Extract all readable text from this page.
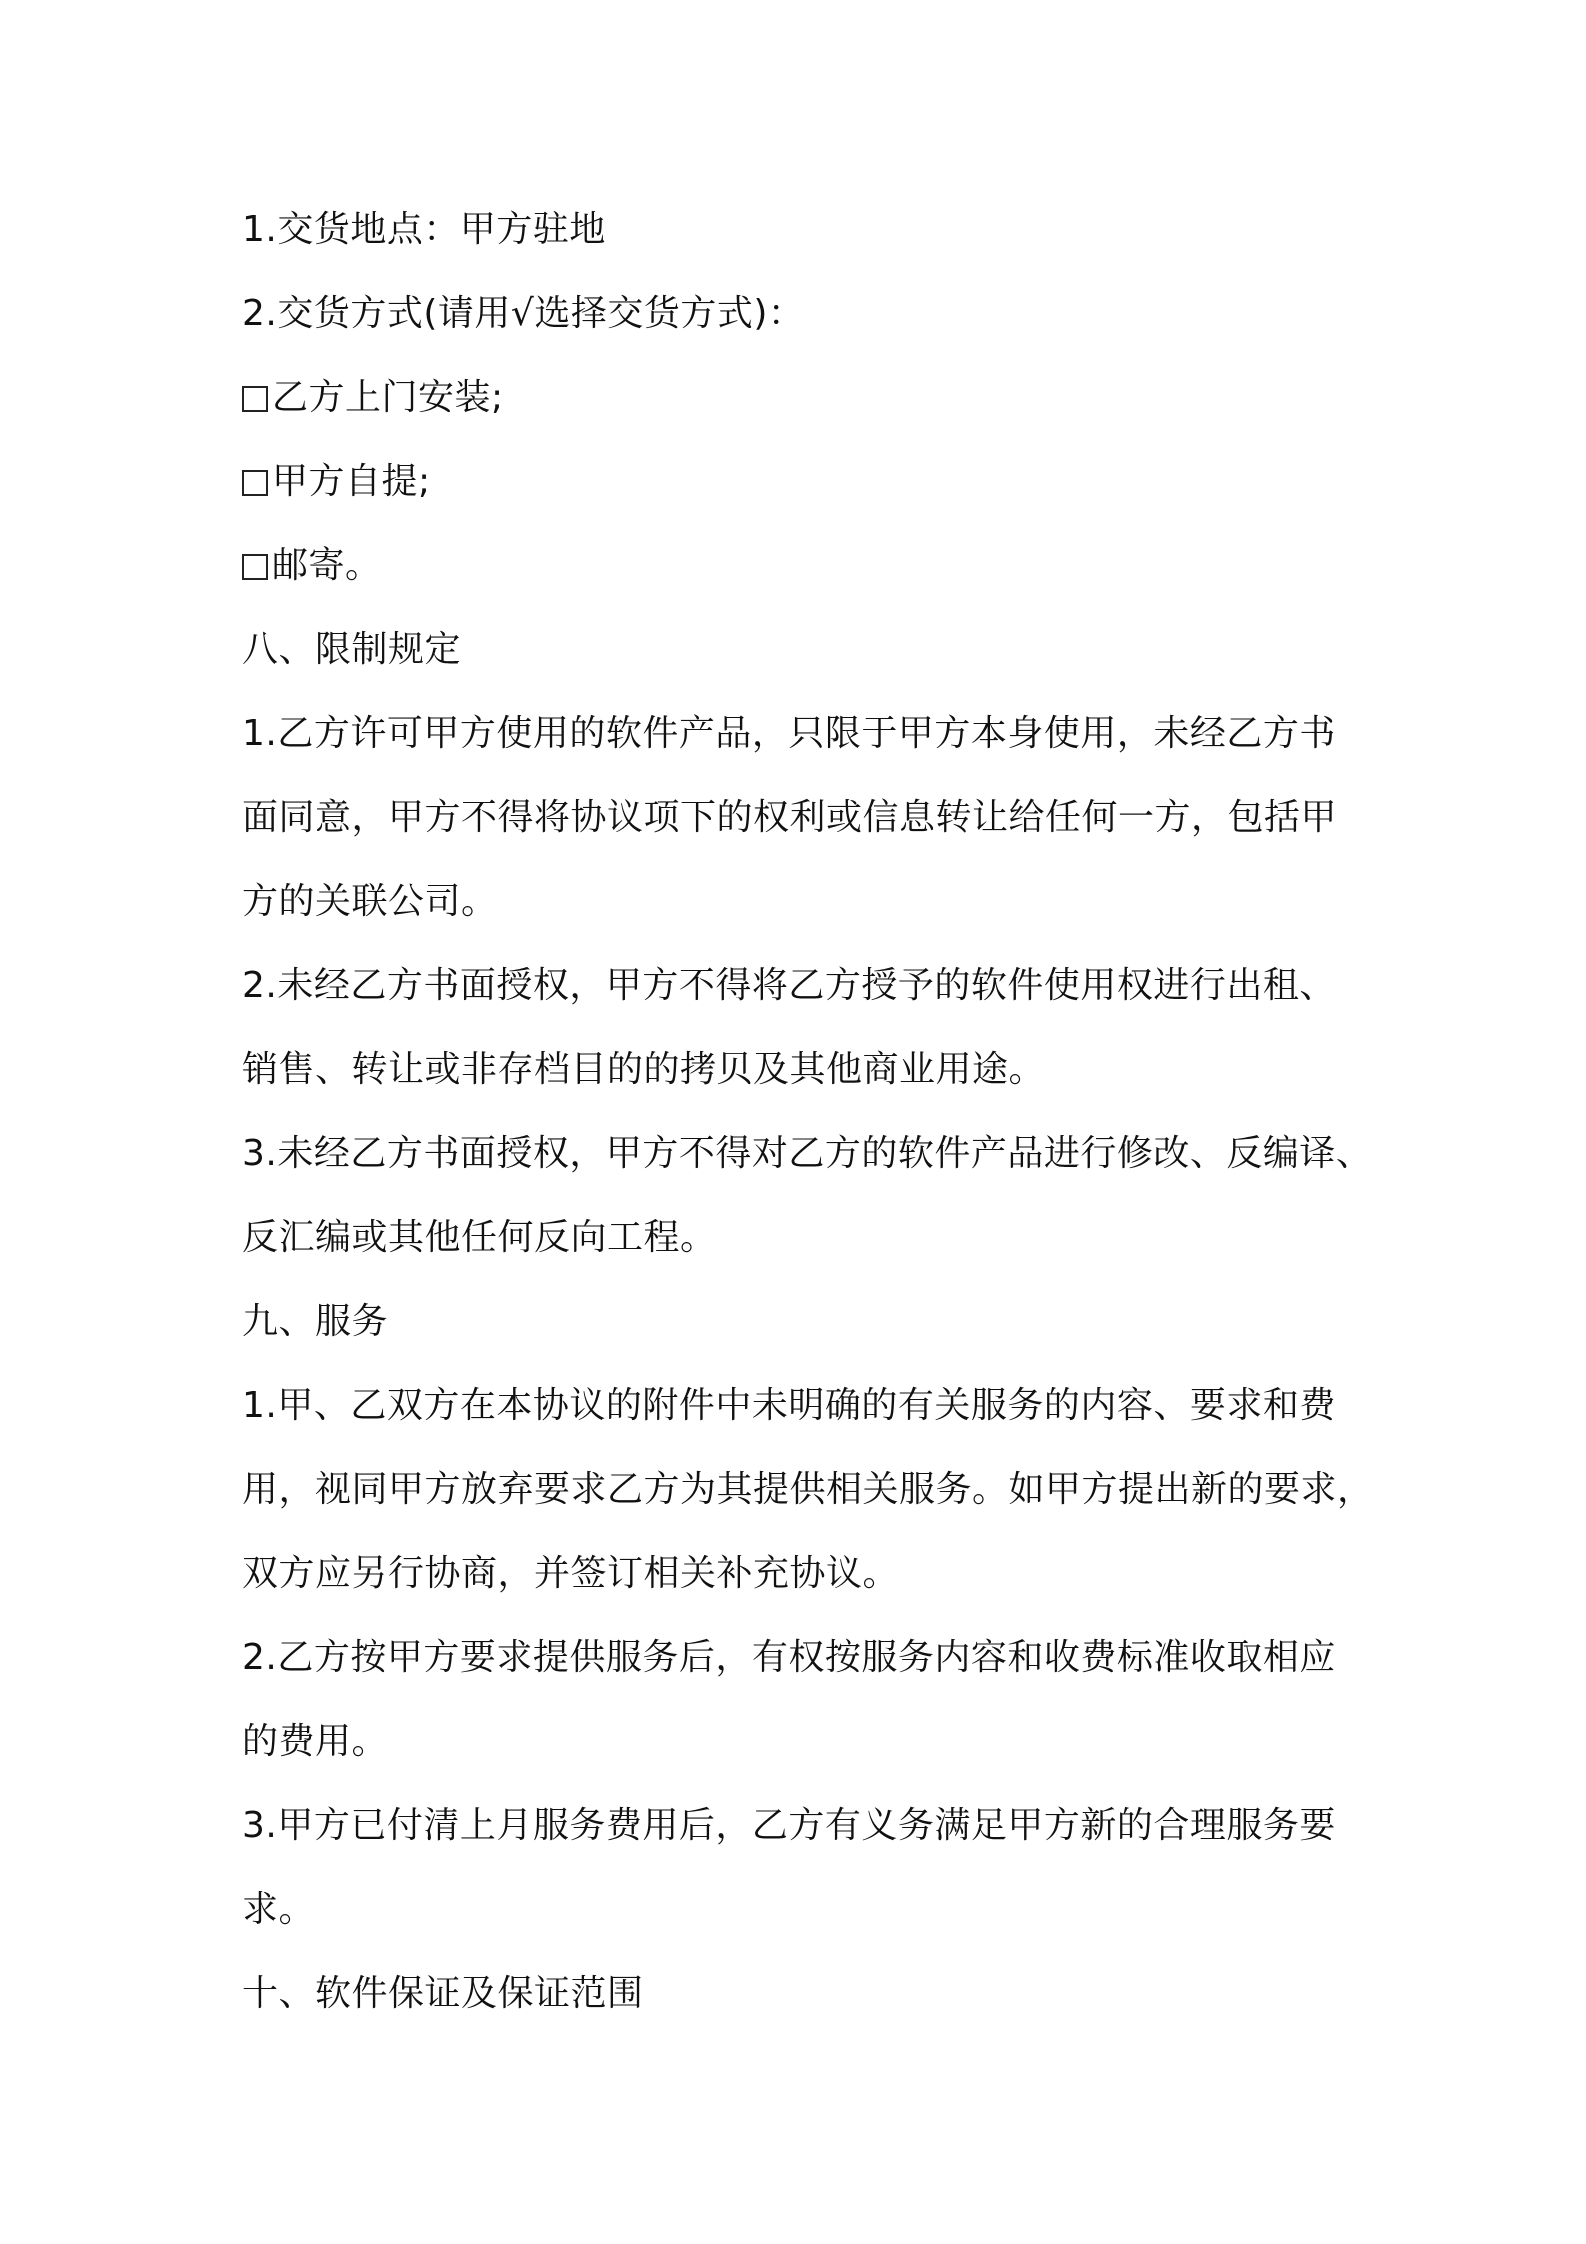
1.交货地点：甲方驻地
2.交货方式(请用√选择交货方式)：
乙方上门安装;
甲方自提;
邮寄。
八、限制规定
1.乙方许可甲方使用的软件产品，只限于甲方本身使用，未经乙方书
面同意，甲方不得将协议项下的权利或信息转让给任何一方，包括甲
方的关联公司。
2.未经乙方书面授权，甲方不得将乙方授予的软件使用权进行出租、
销售、转让或非存档目的的拷贝及其他商业用途。
3.未经乙方书面授权，甲方不得对乙方的软件产品进行修改、反编译、
反汇编或其他任何反向工程。
九、服务
1.甲、乙双方在本协议的附件中未明确的有关服务的内容、要求和费
用，视同甲方放弃要求乙方为其提供相关服务。如甲方提出新的要求，
双方应另行协商，并签订相关补充协议。
2.乙方按甲方要求提供服务后，有权按服务内容和收费标准收取相应
的费用。
3.甲方已付清上月服务费用后，乙方有义务满足甲方新的合理服务要
求。
十、软件保证及保证范围
